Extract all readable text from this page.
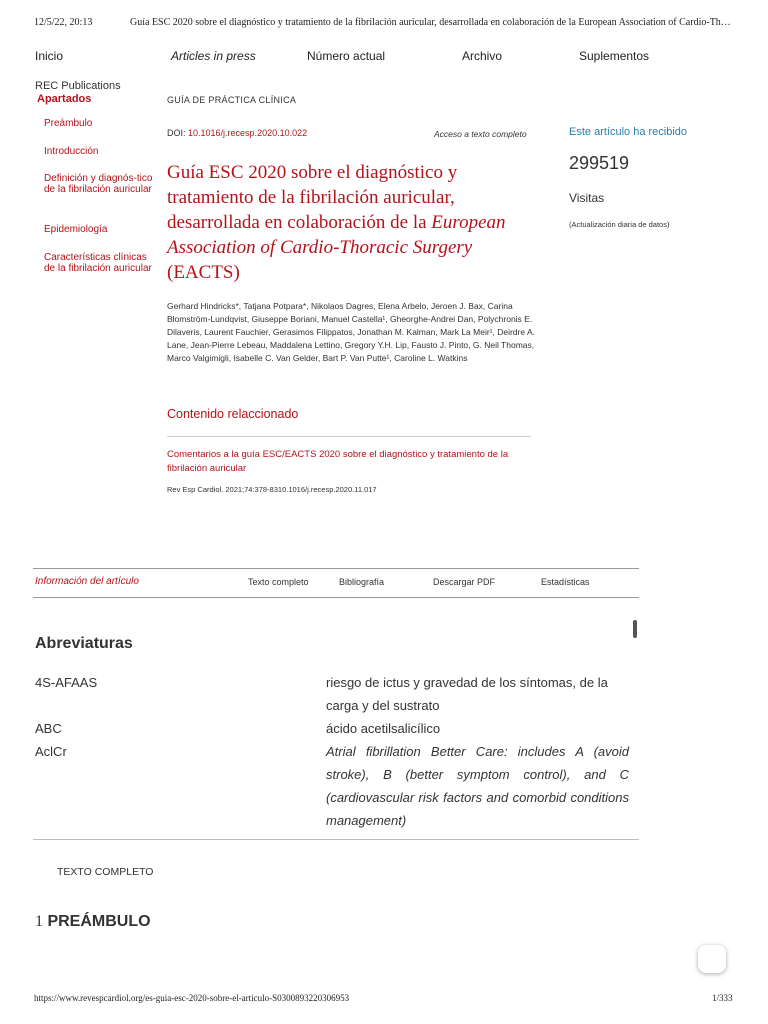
12/5/22, 20:13	Guía ESC 2020 sobre el diagnóstico y tratamiento de la fibrilación auricular, desarrollada en colaboración de la European Association of Cardio-Th…
Inicio	Articles in press	Número actual	Archivo	Suplementos
REC Publications
Apartados
Preámbulo
Introducción
Definición y diagnós-tico de la fibrilación auricular
Epidemiología
Características clínicas de la fibrilación auricular
GUÍA DE PRÁCTICA CLÍNICA
DOI: 10.1016/j.recesp.2020.10.022	Acceso a texto completo
Guía ESC 2020 sobre el diagnóstico y tratamiento de la fibrilación auricular, desarrollada en colaboración de la European Association of Cardio-Thoracic Surgery (EACTS)
Gerhard Hindricks*, Tatjana Potpara*, Nikolaos Dagres, Elena Arbelo, Jeroen J. Bax, Carina Blomström-Lundqvist, Giuseppe Boriani, Manuel Castella¹, Gheorghe-Andrei Dan, Polychronis E. Dilaveris, Laurent Fauchier, Gerasimos Filippatos, Jonathan M. Kalman, Mark La Meir¹, Deirdre A. Lane, Jean-Pierre Lebeau, Maddalena Lettino, Gregory Y.H. Lip, Fausto J. Pinto, G. Neil Thomas, Marco Valgimigli, Isabelle C. Van Gelder, Bart P. Van Putte¹, Caroline L. Watkins
Contenido relaccionado
Comentarios a la guía ESC/EACTS 2020 sobre el diagnóstico y tratamiento de la fibrilación auricular
Rev Esp Cardiol. 2021;74:378-8310.1016/j.recesp.2020.11.017
Este artículo ha recibido
299519
Visitas
(Actualización diaria de datos)
Información del artículo	Texto completo	Bibliografía	Descargar PDF	Estadísticas
Abreviaturas
4S-AFAAS	riesgo de ictus y gravedad de los síntomas, de la carga y del sustrato
ABC	ácido acetilsalicílico
AclCr	Atrial fibrillation Better Care: includes A (avoid stroke), B (better symptom control), and C (cardiovascular risk factors and comorbid conditions management)
TEXTO COMPLETO
1 PREÁMBULO
https://www.revespcardiol.org/es-guia-esc-2020-sobre-el-articulo-S0300893220306953	1/333
